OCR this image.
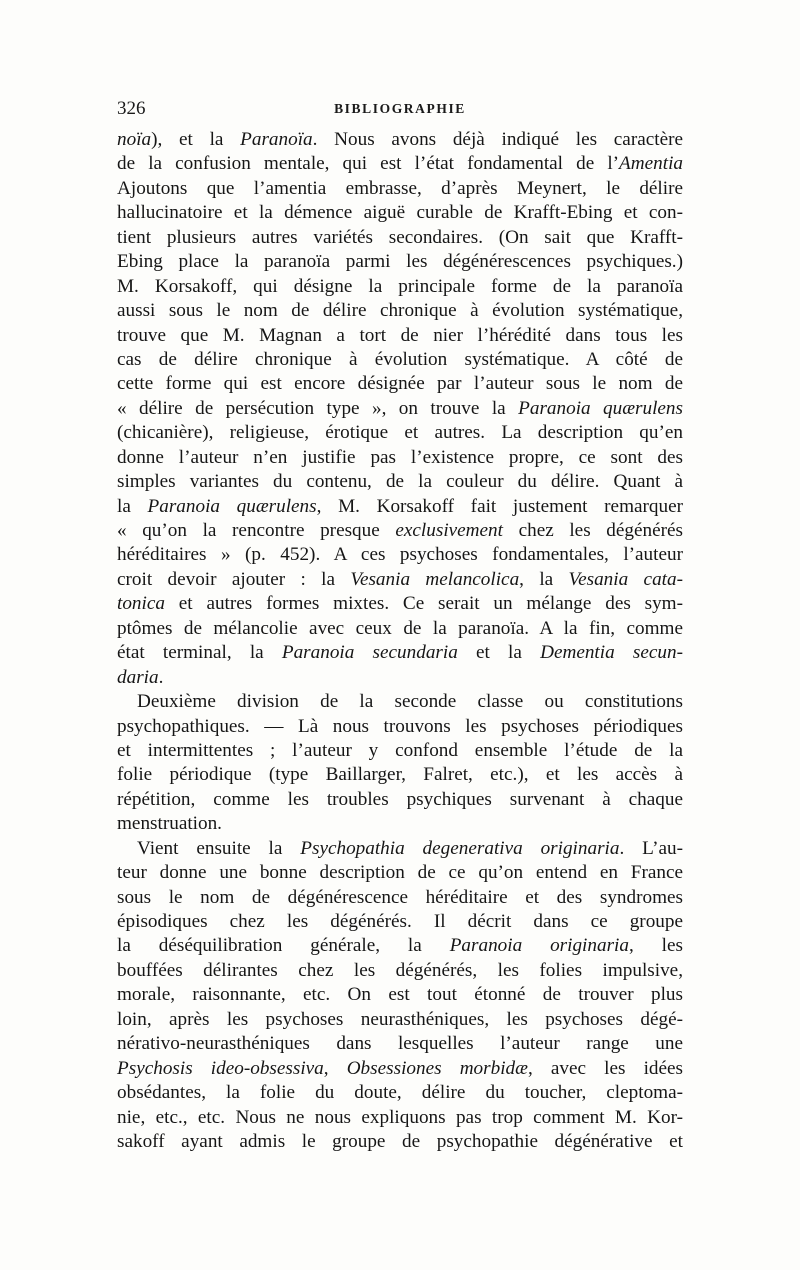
326	BIBLIOGRAPHIE
noïa), et la Paranoïa. Nous avons déjà indiqué les caractère
de la confusion mentale, qui est l’état fondamental de l’Amentia
Ajoutons que l’amentia embrasse, d’après Meynert, le délire
hallucinatoire et la démence aiguë curable de Krafft-Ebing et con-
tient plusieurs autres variétés secondaires. (On sait que Krafft-
Ebing place la paranoïa parmi les dégénérescences psychiques.)
M. Korsakoff, qui désigne la principale forme de la paranoïa
aussi sous le nom de délire chronique à évolution systématique,
trouve que M. Magnan a tort de nier l’hérédité dans tous les
cas de délire chronique à évolution systématique. A côté de
cette forme qui est encore désignée par l’auteur sous le nom de
« délire de persécution type », on trouve la Paranoia quærulens
(chicanière), religieuse, érotique et autres. La description qu’en
donne l’auteur n’en justifie pas l’existence propre, ce sont des
simples variantes du contenu, de la couleur du délire. Quant à
la Paranoia quærulens, M. Korsakoff fait justement remarquer
« qu’on la rencontre presque exclusivement chez les dégénérés
héréditaires » (p. 452). A ces psychoses fondamentales, l’auteur
croit devoir ajouter : la Vesania melancolica, la Vesania cata-
tonica et autres formes mixtes. Ce serait un mélange des sym-
ptômes de mélancolie avec ceux de la paranoïa. A la fin, comme
état terminal, la Paranoia secundaria et la Dementia secun-
daria.
Deuxième division de la seconde classe ou constitutions
psychopathiques. — Là nous trouvons les psychoses périodiques
et intermittentes ; l’auteur y confond ensemble l’étude de la
folie périodique (type Baillarger, Falret, etc.), et les accès à
répétition, comme les troubles psychiques survenant à chaque
menstruation.
Vient ensuite la Psychopathia degenerativa originaria. L’au-
teur donne une bonne description de ce qu’on entend en France
sous le nom de dégénérescence héréditaire et des syndromes
épisodiques chez les dégénérés. Il décrit dans ce groupe
la déséquilibration générale, la Paranoia originaria, les
bouffées délirantes chez les dégénérés, les folies impulsive,
morale, raisonnante, etc. On est tout étonné de trouver plus
loin, après les psychoses neurasthéniques, les psychoses dégé-
nérativo-neurasthéniques dans lesquelles l’auteur range une
Psychosis ideo-obsessiva, Obsessiones morbidæ, avec les idées
obsédantes, la folie du doute, délire du toucher, cleptoma-
nie, etc., etc. Nous ne nous expliquons pas trop comment M. Kor-
sakoff ayant admis le groupe de psychopathie dégénérative et
